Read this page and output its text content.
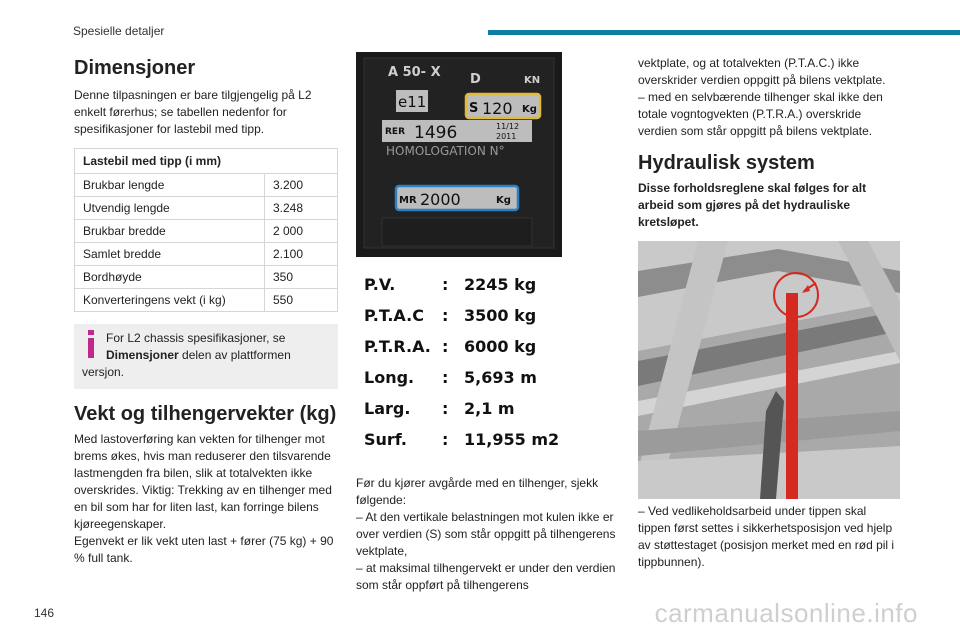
Spesielle detaljer
Dimensjoner

Denne tilpasningen er bare tilgjengelig på L2 enkelt førerhus; se tabellen nedenfor for spesifikasjoner for lastebil med tipp.

Lastebil med tipp (i mm)	
Brukbar lengde	3.200
Utvendig lengde	3.248
Brukbar bredde	2 000
Samlet bredde	2.100
Bordhøyde	350
Konverteringens vekt (i kg)	550
For L2 chassis spesifikasjoner, se Dimensjoner delen av plattformen versjon.
Vekt og tilhengervekter (kg)

Med lastoverføring kan vekten for tilhenger mot brems økes, hvis man reduserer den tilsvarende lastmengden fra bilen, slik at totalvekten ikke overskrides. Viktig: Trekking av en tilhenger med en bil som har for liten last, kan forringe bilens kjøreegenskaper.

Egenvekt er lik vekt uten last + fører (75 kg) + 90 % full tank.

A 50- X
e11
D	KN
S 120 Kg
RER 1496	11/12
2011
HOMOLOGATION N°
MR 2000	Kg
P.V.	: 2245 kg
P.T.A.C	: 3500 kg
P.T.R.A. : 6000 kg
Long.	: 5,693 m
Larg.	: 2,1 m
Surf.	: 11,955 m2

Før du kjører avgårde med en tilhenger, sjekk følgende:
– At den vertikale belastningen mot kulen ikke er over verdien (S) som står oppgitt på tilhengerens vektplate,
– at maksimal tilhengervekt er under den verdien som står oppført på tilhengerens

vektplate, og at totalvekten (P.T.A.C.) ikke overskrider verdien oppgitt på bilens vektplate.
– med en selvbærende tilhenger skal ikke den totale vogntogvekten (P.T.R.A.) overskride verdien som står oppgitt på bilens vektplate.

Hydraulisk system

Disse forholdsreglene skal følges for alt arbeid som gjøres på det hydrauliske kretsløpet.

– Ved vedlikeholdsarbeid under tippen skal tippen først settes i sikkerhetsposisjon ved hjelp av støttestaget (posisjon merket med en rød pil i tippbunnen).

146	carmanualsonline.info
